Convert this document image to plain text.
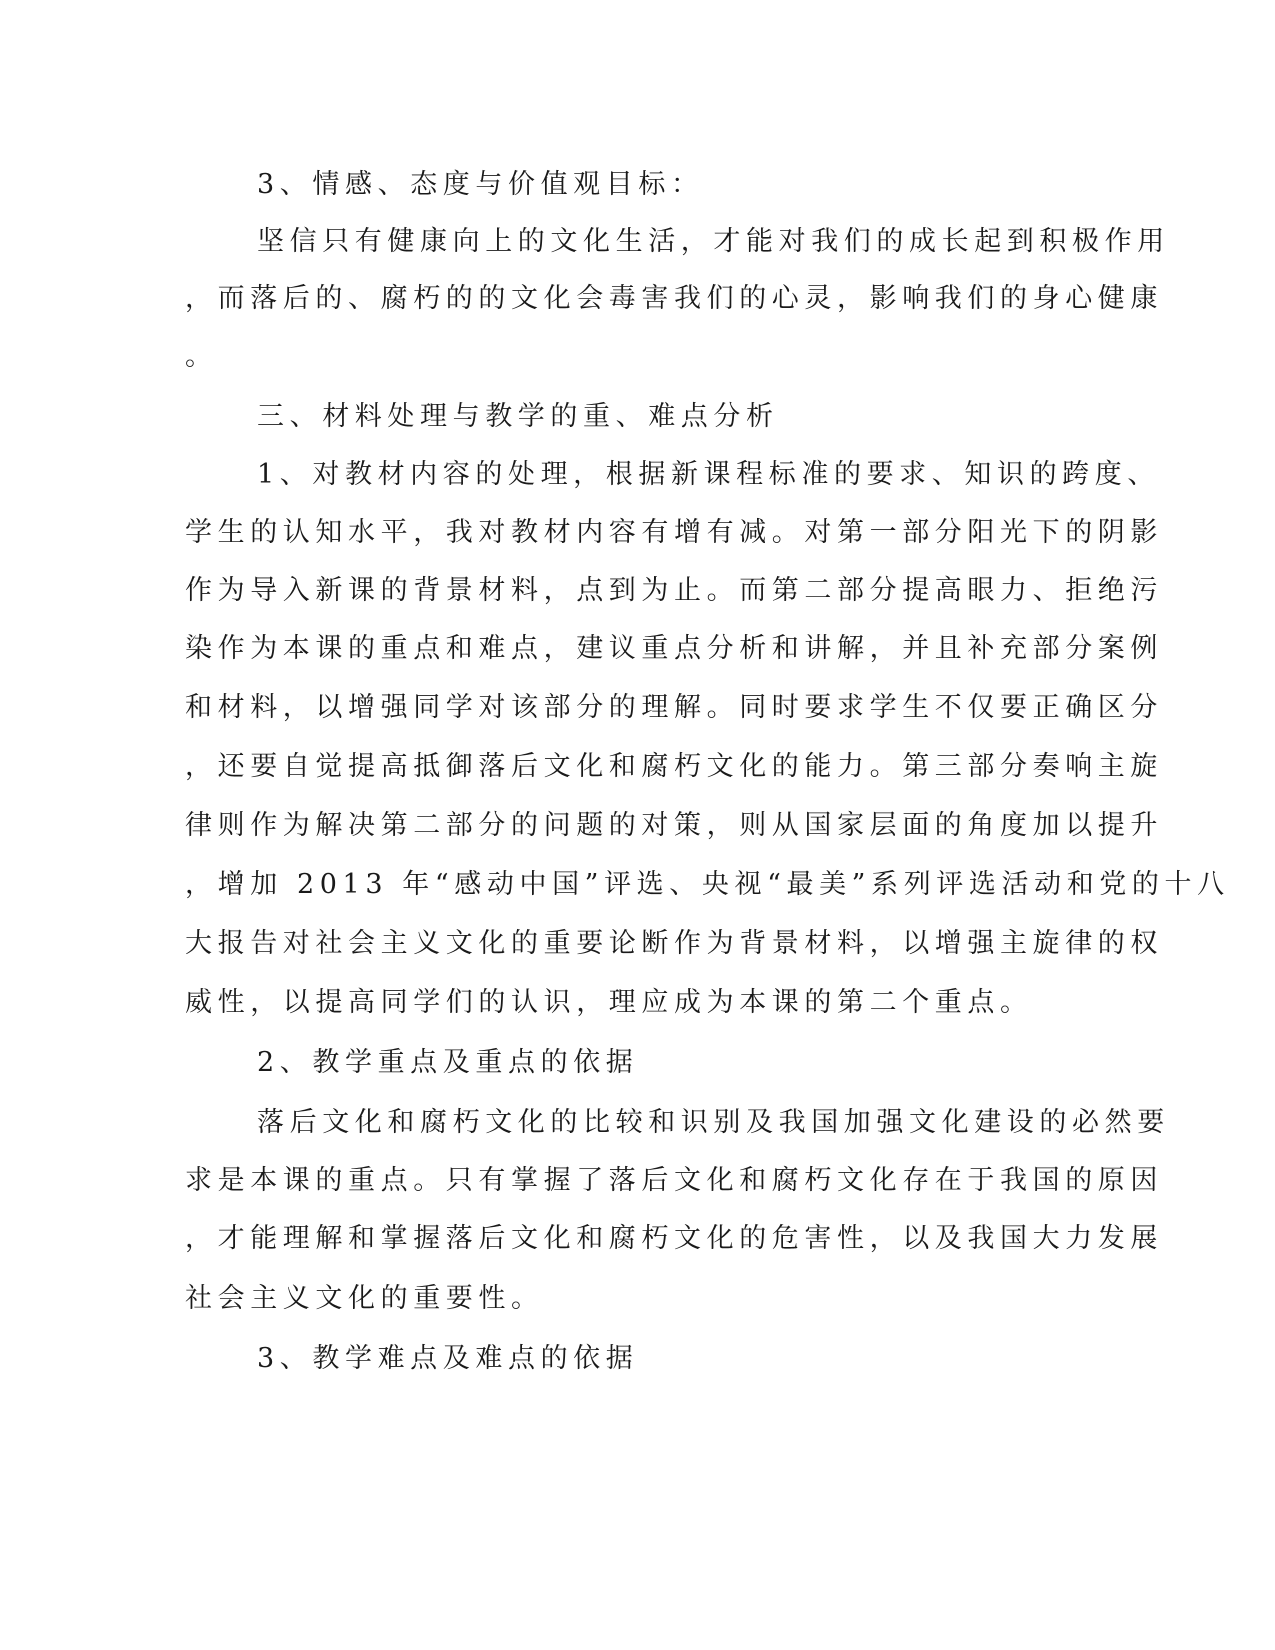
3、情感、态度与价值观目标：
坚信只有健康向上的文化生活，才能对我们的成长起到积极作用
，而落后的、腐朽的的文化会毒害我们的心灵，影响我们的身心健康
。
三、材料处理与教学的重、难点分析
1、对教材内容的处理，根据新课程标准的要求、知识的跨度、
学生的认知水平，我对教材内容有增有减。对第一部分阳光下的阴影
作为导入新课的背景材料，点到为止。而第二部分提高眼力、拒绝污
染作为本课的重点和难点，建议重点分析和讲解，并且补充部分案例
和材料，以增强同学对该部分的理解。同时要求学生不仅要正确区分
，还要自觉提高抵御落后文化和腐朽文化的能力。第三部分奏响主旋
律则作为解决第二部分的问题的对策，则从国家层面的角度加以提升
，增加 2013 年“感动中国”评选、央视“最美”系列评选活动和党的十八
大报告对社会主义文化的重要论断作为背景材料，以增强主旋律的权
威性，以提高同学们的认识，理应成为本课的第二个重点。
2、教学重点及重点的依据
落后文化和腐朽文化的比较和识别及我国加强文化建设的必然要
求是本课的重点。只有掌握了落后文化和腐朽文化存在于我国的原因
，才能理解和掌握落后文化和腐朽文化的危害性，以及我国大力发展
社会主义文化的重要性。
3、教学难点及难点的依据
